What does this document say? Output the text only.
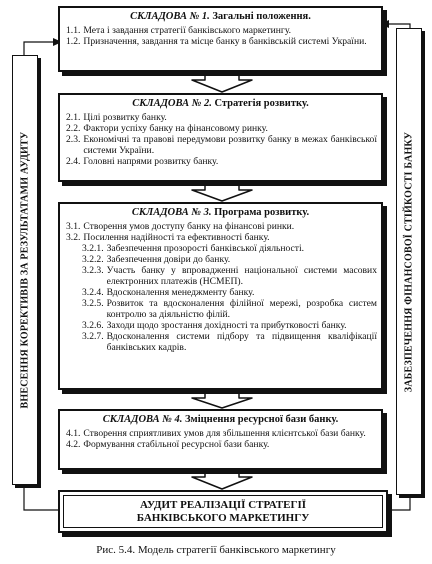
ВНЕСЕННЯ КОРЕКТИВІВ ЗА РЕЗУЛЬТАТАМИ АУДИТУ	ЗАБЕЗПЕЧЕННЯ ФІНАНСОВОЇ СТІЙКОСТІ БАНКУ
СКЛАДОВА № 1. Загальні положення.
1.1. Мета і завдання стратегії банківського маркетингу.
1.2. Призначення, завдання та місце банку в банківській системі України.
СКЛАДОВА № 2. Стратегія розвитку.
2.1. Цілі розвитку банку.
2.2. Фактори успіху банку на фінансовому ринку.
2.3. Економічні та правові передумови розвитку банку в межах банківської системи України.
2.4. Головні напрями розвитку банку.
СКЛАДОВА № 3. Програма розвитку.
3.1. Створення умов доступу банку на фінансові ринки.
3.2. Посилення надійності та ефективності банку.
3.2.1. Забезпечення прозорості банківської діяльності.
3.2.2. Забезпечення довіри до банку.
3.2.3. Участь банку у впровадженні національної системи масових електронних платежів (НСМЕП).
3.2.4. Вдосконалення менеджменту банку.
3.2.5. Розвиток та вдосконалення філійної мережі, розробка систем контролю за діяльністю філій.
3.2.6. Заходи щодо зростання дохідності та прибутковості банку.
3.2.7. Вдосконалення системи підбору та підвищення кваліфікації банківських кадрів.
СКЛАДОВА № 4. Зміцнення ресурсної бази банку.
4.1. Створення сприятливих умов для збільшення клієнтської бази банку.
4.2. Формування стабільної ресурсної бази банку.
АУДИТ РЕАЛІЗАЦІЇ СТРАТЕГІЇ
БАНКІВСЬКОГО МАРКЕТИНГУ
Рис. 5.4. Модель стратегії банківського маркетингу
